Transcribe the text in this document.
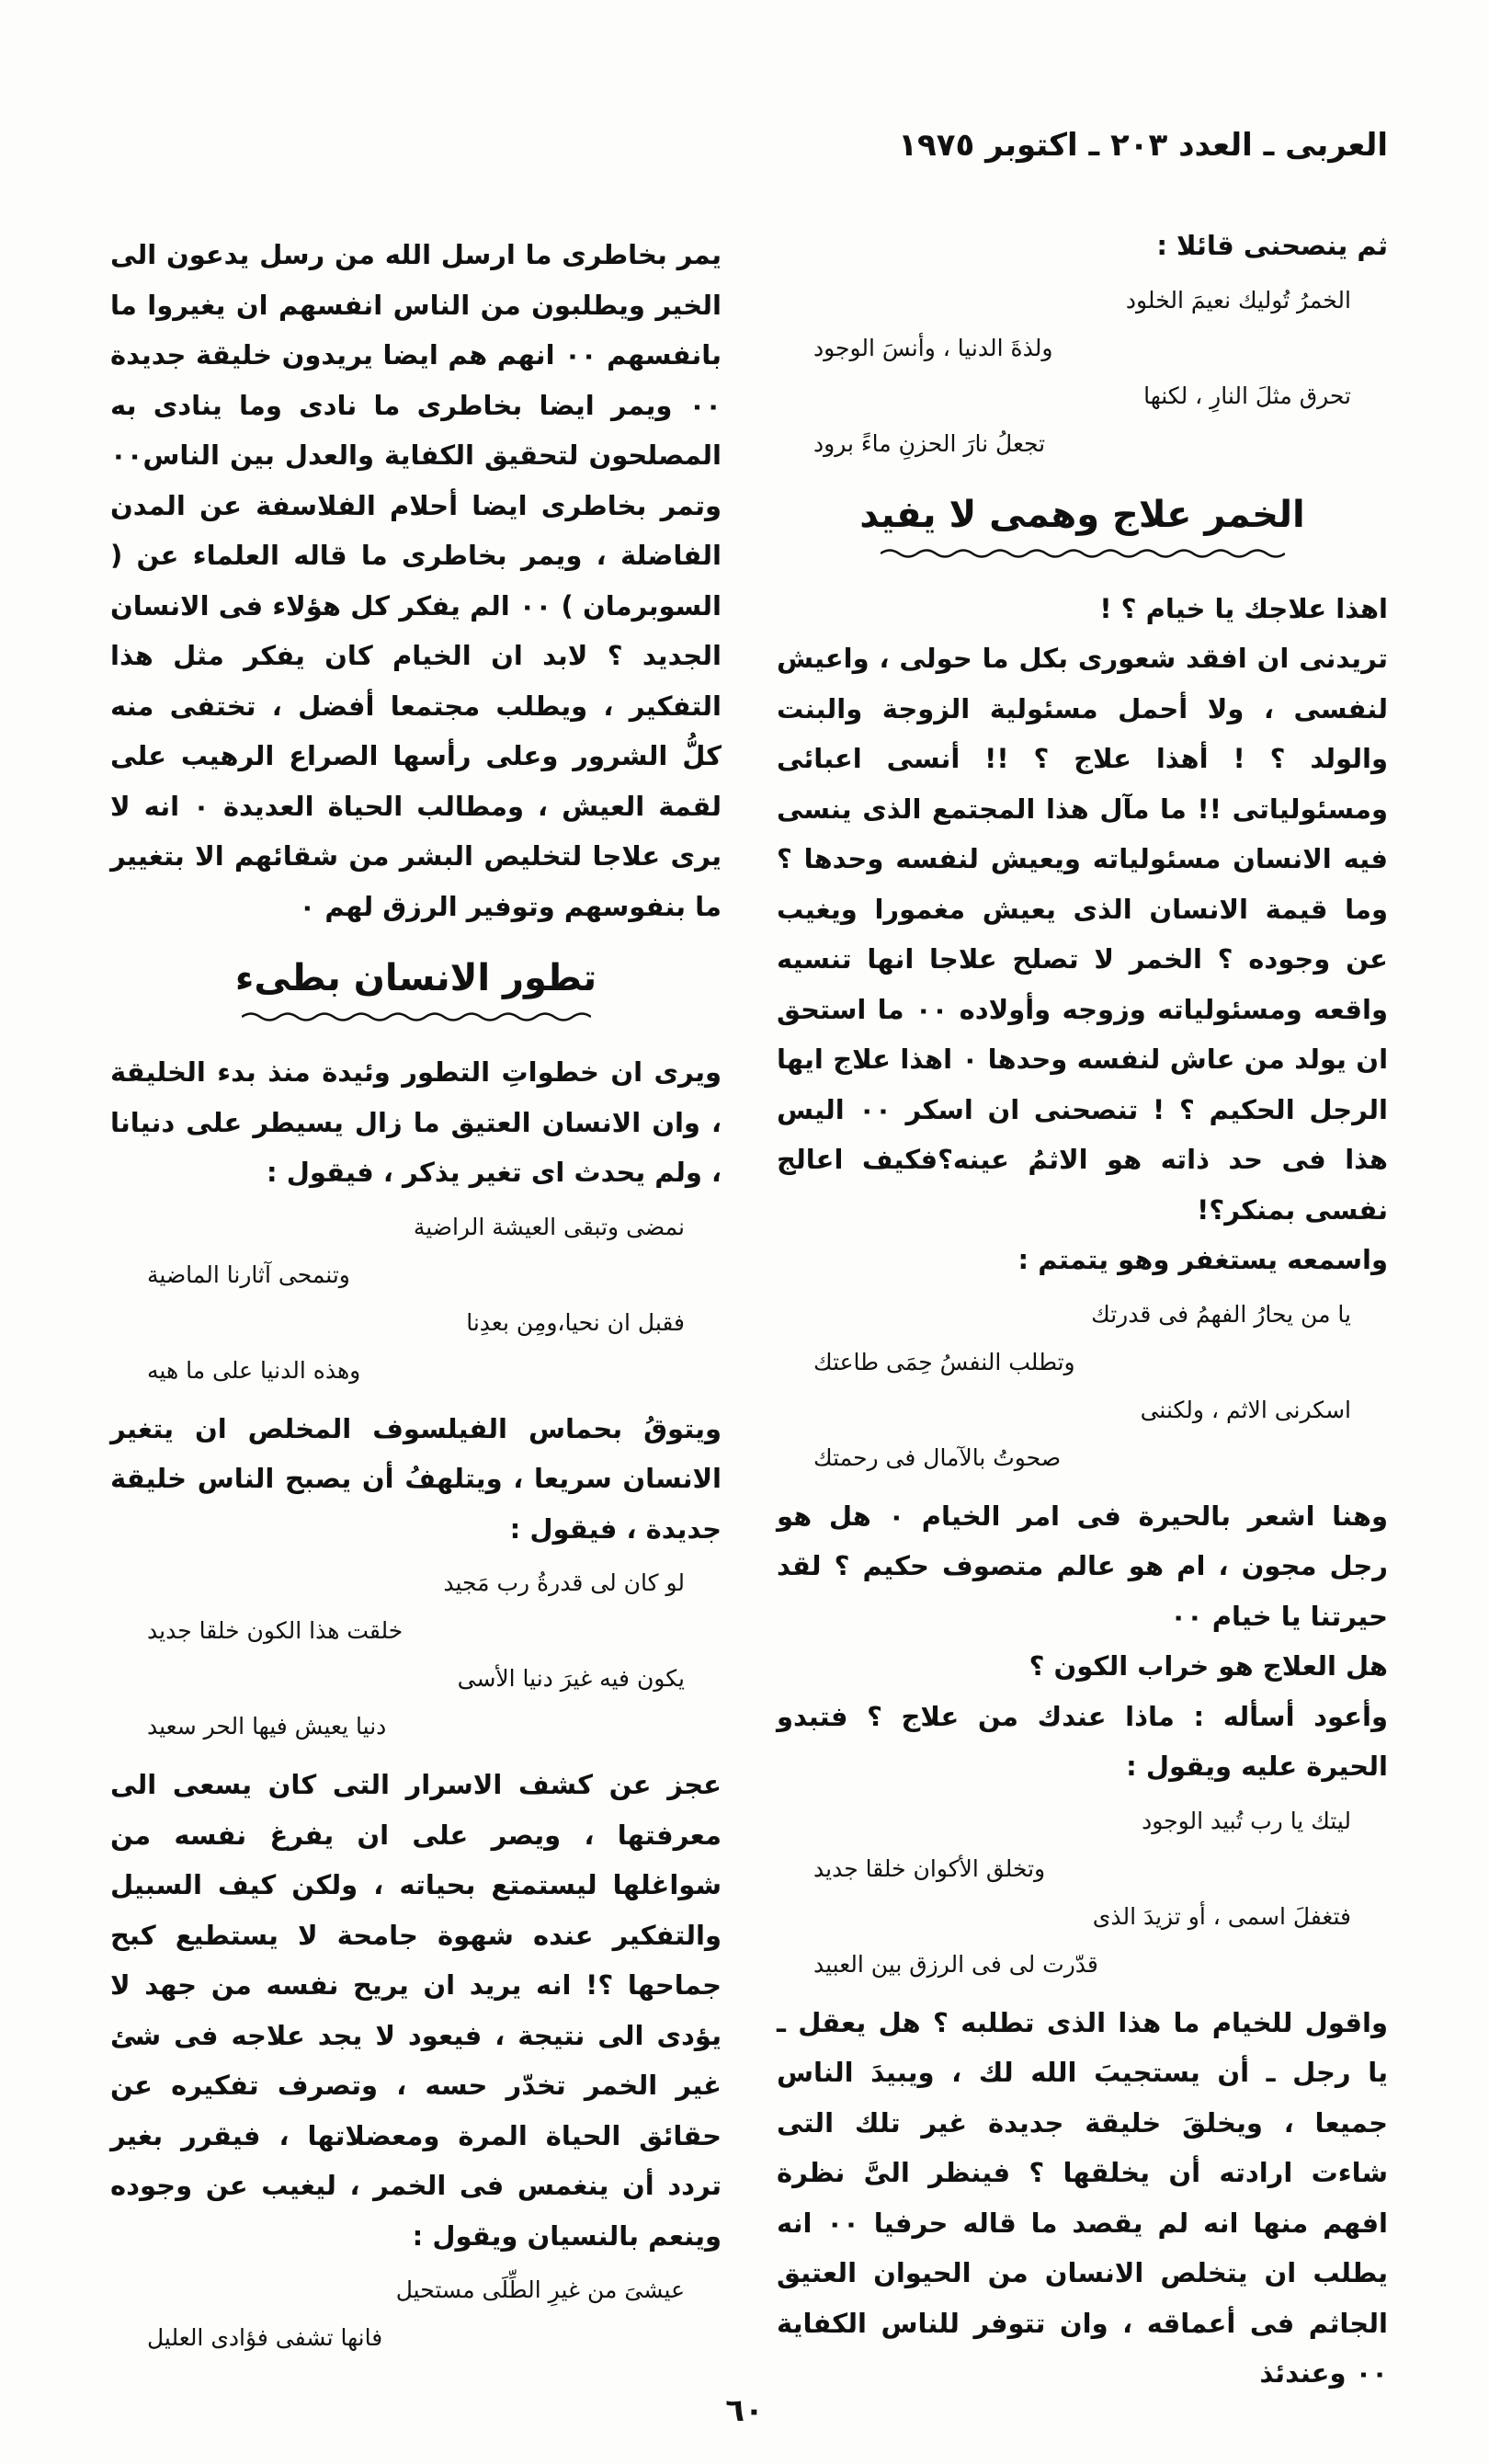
العربى ـ العدد ٢٠٣ ـ اكتوبر ١٩٧٥

ثم ينصحنى قائلا :

الخمرُ تُوليك نعيمَ الخلود
ولذةَ الدنيا ، وأنسَ الوجود
تحرق مثلَ النارِ ، لكنها
تجعلُ نارَ الحزنِ ماءً برود
الخمر علاج وهمى لا يفيد

اهذا علاجك يا خيام ؟ !

تريدنى ان افقد شعورى بكل ما حولى ، واعيش لنفسى ، ولا أحمل مسئولية الزوجة والبنت والولد ؟ ! أهذا علاج ؟ !! أنسى اعبائى ومسئولياتى !! ما مآل هذا المجتمع الذى ينسى فيه الانسان مسئولياته ويعيش لنفسه وحدها ؟ وما قيمة الانسان الذى يعيش مغمورا ويغيب عن وجوده ؟ الخمر لا تصلح علاجا انها تنسيه واقعه ومسئولياته وزوجه وأولاده ٠٠ ما استحق ان يولد من عاش لنفسه وحدها ٠ اهذا علاج ايها الرجل الحكيم ؟ ! تنصحنى ان اسكر ٠٠ اليس هذا فى حد ذاته هو الاثمُ عينه؟فكيف اعالج نفسى بمنكر؟!

واسمعه يستغفر وهو يتمتم :

يا من يحارُ الفهمُ فى قدرتك
وتطلب النفسُ حِمَى طاعتك
اسكرنى الاثم ، ولكننى
صحوتُ بالآمال فى رحمتك

وهنا اشعر بالحيرة فى امر الخيام ٠ هل هو رجل مجون ، ام هو عالم متصوف حكيم ؟ لقد حيرتنا يا خيام ٠٠

هل العلاج هو خراب الكون ؟

وأعود أسأله : ماذا عندك من علاج ؟ فتبدو الحيرة عليه ويقول :

ليتك يا رب تُبيد الوجود
وتخلق الأكوان خلقا جديد
فتغفلَ اسمى ، أو تزيدَ الذى
قدّرت لى فى الرزق بين العبيد

واقول للخيام ما هذا الذى تطلبه ؟ هل يعقل ـ يا رجل ـ أن يستجيبَ الله لك ، ويبيدَ الناس جميعا ، ويخلقَ خليقة جديدة غير تلك التى شاءت ارادته أن يخلقها ؟ فينظر الىَّ نظرة افهم منها انه لم يقصد ما قاله حرفيا ٠٠ انه يطلب ان يتخلص الانسان من الحيوان العتيق الجاثم فى أعماقه ، وان تتوفر للناس الكفاية ٠٠ وعندئذ

يمر بخاطرى ما ارسل الله من رسل يدعون الى الخير ويطلبون من الناس انفسهم ان يغيروا ما بانفسهم ٠٠ انهم هم ايضا يريدون خليقة جديدة ٠٠ ويمر ايضا بخاطرى ما نادى وما ينادى به المصلحون لتحقيق الكفاية والعدل بين الناس٠٠ وتمر بخاطرى ايضا أحلام الفلاسفة عن المدن الفاضلة ، ويمر بخاطرى ما قاله العلماء عن ( السوبرمان ) ٠٠ الم يفكر كل هؤلاء فى الانسان الجديد ؟ لابد ان الخيام كان يفكر مثل هذا التفكير ، ويطلب مجتمعا أفضل ، تختفى منه كلُّ الشرور وعلى رأسها الصراع الرهيب على لقمة العيش ، ومطالب الحياة العديدة ٠ انه لا يرى علاجا لتخليص البشر من شقائهم الا بتغيير ما بنفوسهم وتوفير الرزق لهم ٠

تطور الانسان بطىء

ويرى ان خطواتِ التطور وئيدة منذ بدء الخليقة ، وان الانسان العتيق ما زال يسيطر على دنيانا ، ولم يحدث اى تغير يذكر ، فيقول :

نمضى وتبقى العيشة الراضية
وتنمحى آثارنا الماضية
فقبل ان نحيا،ومِن بعدِنا
وهذه الدنيا على ما هيه

ويتوقُ بحماس الفيلسوف المخلص ان يتغير الانسان سريعا ، ويتلهفُ أن يصبح الناس خليقة جديدة ، فيقول :

لو كان لى قدرةُ رب مَجيد
خلقت هذا الكون خلقا جديد
يكون فيه غيرَ دنيا الأسى
دنيا يعيش فيها الحر سعيد

عجز عن كشف الاسرار التى كان يسعى الى معرفتها ، ويصر على ان يفرغ نفسه من شواغلها ليستمتع بحياته ، ولكن كيف السبيل والتفكير عنده شهوة جامحة لا يستطيع كبح جماحها ؟! انه يريد ان يريح نفسه من جهد لا يؤدى الى نتيجة ، فيعود لا يجد علاجه فى شئ غير الخمر تخدّر حسه ، وتصرف تفكيره عن حقائق الحياة المرة ومعضلاتها ، فيقرر بغير تردد أن ينغمس فى الخمر ، ليغيب عن وجوده وينعم بالنسيان ويقول :

عيشىَ من غيرِ الطِّلَى مستحيل
فانها تشفى فؤادى العليل
٦٠
